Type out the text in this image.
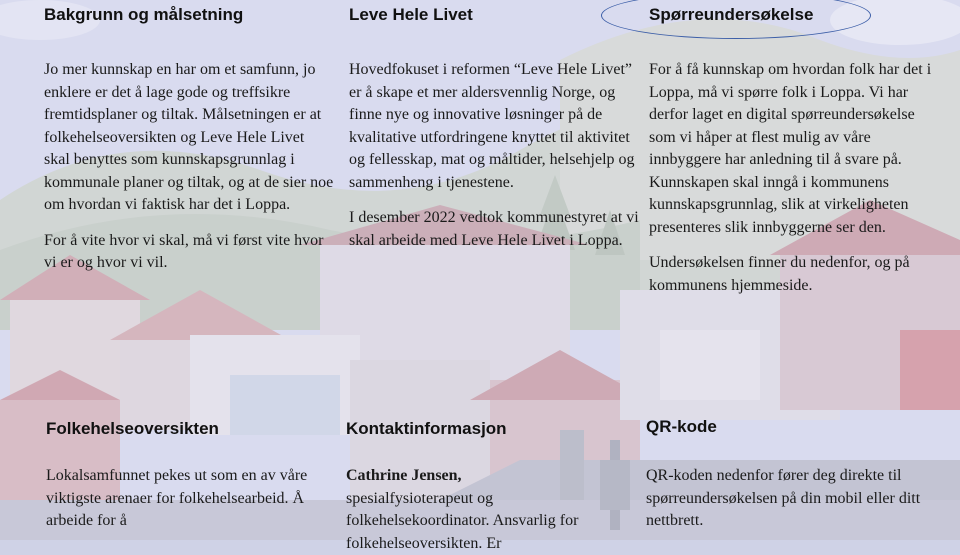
Bakgrunn og målsetning

Jo mer kunnskap en har om et samfunn, jo enklere er det å lage gode og treffsikre fremtidsplaner og tiltak. Målsetningen er at folkehelseoversikten og Leve Hele Livet skal benyttes som kunnskapsgrunnlag i kommunale planer og tiltak, og at de sier noe om hvordan vi faktisk har det i Loppa.

For å vite hvor vi skal, må vi først vite hvor vi er og hvor vi vil.

Leve Hele Livet

Hovedfokuset i reformen “Leve Hele Livet” er å skape et mer aldersvennlig Norge, og finne nye og innovative løsninger på de kvalitative utfordringene knyttet til aktivitet og fellesskap, mat og måltider, helsehjelp og sammenheng i tjenestene.

I desember 2022 vedtok kommunestyret at vi skal arbeide med Leve Hele Livet i Loppa.

Spørreundersøkelse

For å få kunnskap om hvordan folk har det i Loppa, må vi spørre folk i Loppa. Vi har derfor laget en digital spørreundersøkelse som vi håper at flest mulig av våre innbyggere har anledning til å svare på. Kunnskapen skal inngå i kommunens kunnskapsgrunnlag, slik at virkeligheten presenteres slik innbyggerne ser den.

Undersøkelsen finner du nedenfor, og på kommunens hjemmeside.

Folkehelseoversikten

Lokalsamfunnet pekes ut som en av våre viktigste arenaer for folkehelsearbeid. Å arbeide for å

Kontaktinformasjon

Cathrine Jensen,

spesialfysioterapeut og folkehelsekoordinator. Ansvarlig for folkehelseoversikten. Er

QR-kode

QR-koden nedenfor fører deg direkte til spørreundersøkelsen på din mobil eller ditt nettbrett.
